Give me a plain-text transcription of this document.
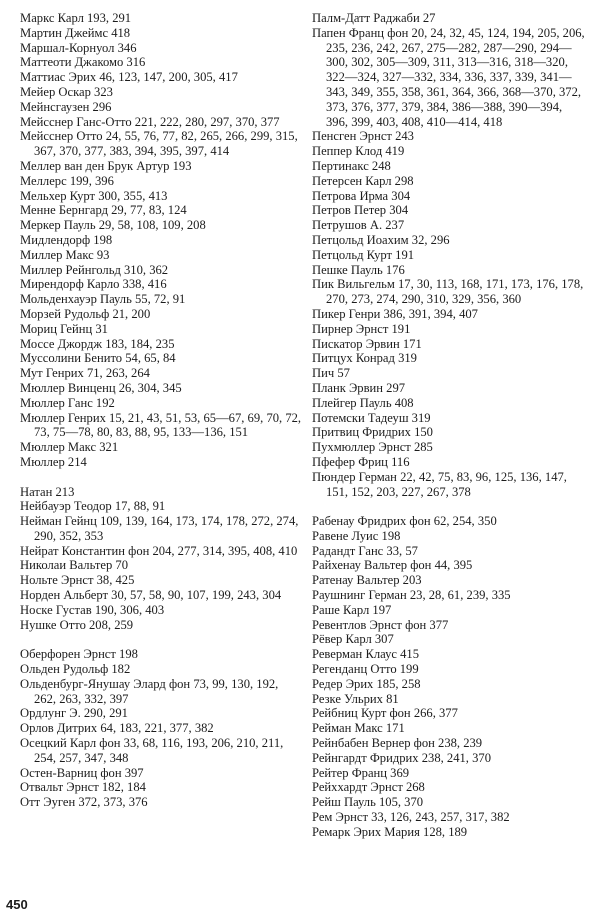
Маркс Карл 193, 291
Мартин Джеймс 418
Маршал-Корнуол 346
Маттеоти Джакомо 316
Маттиас Эрих 46, 123, 147, 200, 305, 417
Мейер Оскар 323
Мейнсгаузен 296
Мейсснер Ганс-Отто 221, 222, 280, 297, 370, 377
Мейсснер Отто 24, 55, 76, 77, 82, 265, 266, 299, 315, 367, 370, 377, 383, 394, 395, 397, 414
Меллер ван ден Брук Артур 193
Меллерс 199, 396
Мельхер Курт 300, 355, 413
Менне Бернгард 29, 77, 83, 124
Меркер Пауль 29, 58, 108, 109, 208
Мидлендорф 198
Миллер Макс 93
Миллер Рейнгольд 310, 362
Мирендорф Карло 338, 416
Мольденхауэр Пауль 55, 72, 91
Морзей Рудольф 21, 200
Мориц Гейнц 31
Моссе Джордж 183, 184, 235
Муссолини Бенито 54, 65, 84
Мут Генрих 71, 263, 264
Мюллер Винценц 26, 304, 345
Мюллер Ганс 192
Мюллер Генрих 15, 21, 43, 51, 53, 65—67, 69, 70, 72, 73, 75—78, 80, 83, 88, 95, 133—136, 151
Мюллер Макс 321
Мюллер 214
Натан 213
Нейбауэр Теодор 17, 88, 91
Нейман Гейнц 109, 139, 164, 173, 174, 178, 272, 274, 290, 352, 353
Нейрат Константин фон 204, 277, 314, 395, 408, 410
Николаи Вальтер 70
Нольте Эрнст 38, 425
Норден Альберт 30, 57, 58, 90, 107, 199, 243, 304
Носке Густав 190, 306, 403
Нушке Отто 208, 259
Оберфорен Эрнст 198
Ольден Рудольф 182
Ольденбург-Янушау Элард фон 73, 99, 130, 192, 262, 263, 332, 397
Ордлунг Э. 290, 291
Орлов Дитрих 64, 183, 221, 377, 382
Осецкий Карл фон 33, 68, 116, 193, 206, 210, 211, 254, 257, 347, 348
Остен-Варниц фон 397
Отвальт Эрнст 182, 184
Отт Эуген 372, 373, 376
Палм-Датт Раджаби 27
Папен Франц фон 20, 24, 32, 45, 124, 194, 205, 206, 235, 236, 242, 267, 275—282, 287—290, 294—300, 302, 305—309, 311, 313—316, 318—320, 322—324, 327—332, 334, 336, 337, 339, 341—343, 349, 355, 358, 361, 364, 366, 368—370, 372, 373, 376, 377, 379, 384, 386—388, 390—394, 396, 399, 403, 408, 410—414, 418
Пенсген Эрнст 243
Пеппер Клод 419
Пертинакс 248
Петерсен Карл 298
Петрова Ирма 304
Петров Петер 304
Петрушов А. 237
Петцольд Иоахим 32, 296
Петцольд Курт 191
Пешке Пауль 176
Пик Вильгельм 17, 30, 113, 168, 171, 173, 176, 178, 270, 273, 274, 290, 310, 329, 356, 360
Пикер Генри 386, 391, 394, 407
Пирнер Эрнст 191
Пискатор Эрвин 171
Питцух Конрад 319
Пич 57
Планк Эрвин 297
Плейгер Пауль 408
Потемски Тадеуш 319
Притвиц Фридрих 150
Пухмюллер Эрнст 285
Пфефер Фриц 116
Пюндер Герман 22, 42, 75, 83, 96, 125, 136, 147, 151, 152, 203, 227, 267, 378
Рабенау Фридрих фон 62, 254, 350
Равене Луис 198
Радандт Ганс 33, 57
Райхенау Вальтер фон 44, 395
Ратенау Вальтер 203
Раушнинг Герман 23, 28, 61, 239, 335
Раше Карл 197
Ревентлов Эрнст фон 377
Рёвер Карл 307
Ревермaн Клаус 415
Регенданц Отто 199
Редер Эрих 185, 258
Резке Ульрих 81
Рейбниц Курт фон 266, 377
Рейман Макс 171
Рейнбабен Вернер фон 238, 239
Рейнгардт Фридрих 238, 241, 370
Рейтер Франц 369
Рейххардт Эрнст 268
Рейш Пауль 105, 370
Рем Эрнст 33, 126, 243, 257, 317, 382
Ремарк Эрих Мария 128, 189
450
